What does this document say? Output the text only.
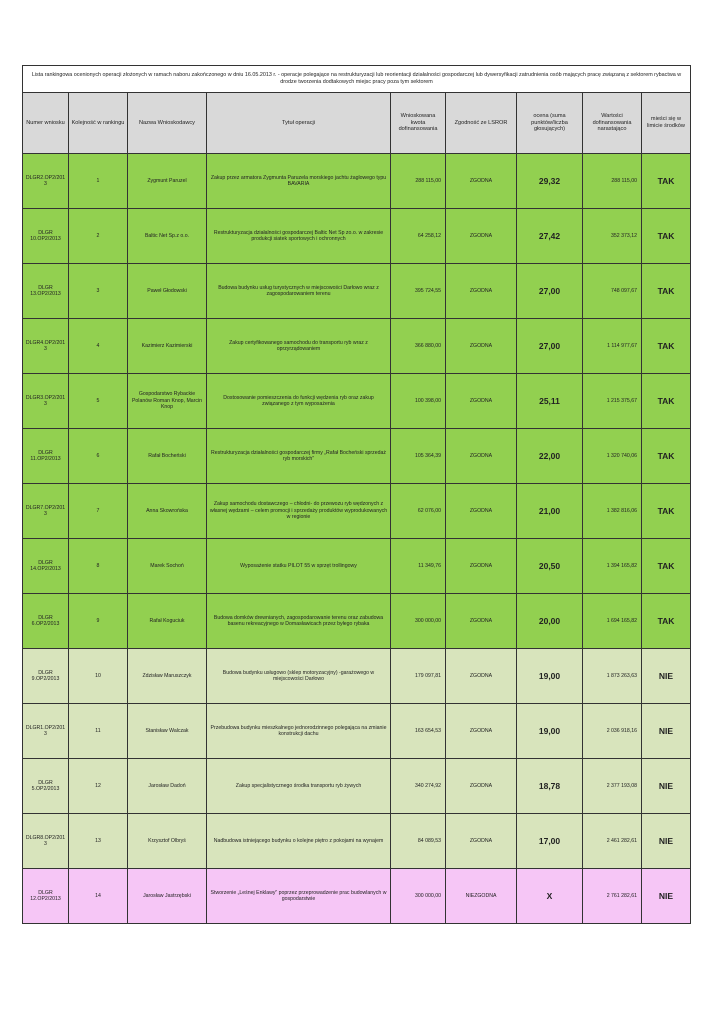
Lista rankingowa ocenionych operacji złożonych w ramach naboru zakończonego w dniu 16.05.2013 r. - operacje polegające na restrukturyzacji lub reorientacji działalności gospodarczej lub dywersyfikacji zatrudnienia osób mających pracę związaną z sektorem rybactwa w drodze tworzenia dodtakowych miejsc pracy poza tym sektorem								
Numer wniosku	Kolejność w rankingu	Nazwa Wnioskodawcy	Tytuł operacji	Wnioskowana kwota dofinansowania	Zgodność ze LSROR	ocena (suma punktów/liczba głosujących)	Wartości dofinansowania narastająco	mieści się w limicie środków
DLGR2.OP2/2013	1	Zygmunt Paruzel	Zakup przez armatora Zygmunta Paruzela morskiego jachtu żaglowego typu BAVARIA	288 115,00	ZGODNA	29,32	288 115,00	TAK
DLGR 10.OP2/2013	2	Baltic Net Sp.z o.o.	Restrukturyzacja działalności gospodarczej Baltic Net Sp zo.o. w zakresie produkcji siatek sportowych i ochronnych	64 258,12	ZGODNA	27,42	352 373,12	TAK
DLGR 13.OP2/2013	3	Paweł Głodowski	Budowa budynku usług turystycznych w miejscowości Darłowo wraz z zagospodarowaniem terenu	395 724,55	ZGODNA	27,00	748 097,67	TAK
DLGR4.OP2/2013	4	Kazimierz Kazimierski	Zakup certyfikowanego samochodu do transportu ryb wraz z oprzyrządowaniem	366 880,00	ZGODNA	27,00	1 114 977,67	TAK
DLGR3.OP2/2013	5	Gospodarstwo Rybackie Polanów Roman Knop, Marcin Knop	Dostosowanie pomieszczenia do funkcji wędzenia ryb oraz zakup związanego z tym wyposażenia	100 398,00	ZGODNA	25,11	1 215 375,67	TAK
DLGR 11.OP2/2013	6	Rafał Bocheński	Restrukturyzacja działalności gospodarczej firmy „Rafał Bocheński sprzedaż ryb morskich”	105 364,39	ZGODNA	22,00	1 320 740,06	TAK
DLGR7.OP2/2013	7	Anna Skowrońska	Zakup samochodu dostawczego – chłodni- do przewozu ryb wędzonych z własnej wędzarni – celem promocji i sprzedaży produktów wyprodukowanych w regionie	62 076,00	ZGODNA	21,00	1 382 816,06	TAK
DLGR 14.OP2/2013	8	Marek Sochoń	Wyposażenie statku PILOT 55 w sprzęt trollingowy	11 349,76	ZGODNA	20,50	1 394 165,82	TAK
DLGR 6.OP2/2013	9	Rafał Koguciuk	Budowa domków drewnianych, zagospodarowanie terenu oraz zabudowa basenu rekreacyjnego w Domasławicach przez byłego rybaka	300 000,00	ZGODNA	20,00	1 694 165,82	TAK
DLGR 9.OP2/2013	10	Zdzisław Maruszczyk	Budowa budynku usługowo (sklep motoryzacyjny) -garażowego w miejscowości Darłowo	179 097,81	ZGODNA	19,00	1 873 263,63	NIE
DLGR1.OP2/2013	11	Stanisław Walczak	Przebudowa budynku mieszkalnego jednorodzinnego polegająca na zmianie konstrukcji dachu	163 654,53	ZGODNA	19,00	2 036 918,16	NIE
DLGR 5.OP2/2013	12	Jarosław Dadoń	Zakup specjalistycznego środka transportu ryb żywych	340 274,92	ZGODNA	18,78	2 377 193,08	NIE
DLGR8.OP2/2013	13	Krzysztof Olbryś	Nadbudowa istniejącego budynku o kolejne piętro z pokojami na wynajem	84 089,53	ZGODNA	17,00	2 461 282,61	NIE
DLGR 12.OP2/2013	14	Jarosław Jastrzębski	Stworzenie „Leśnej Enklawy” poprzez przeprowadzenie prac budowlanych w gospodarstwie	300 000,00	NIEZGODNA	X	2 761 282,61	NIE
